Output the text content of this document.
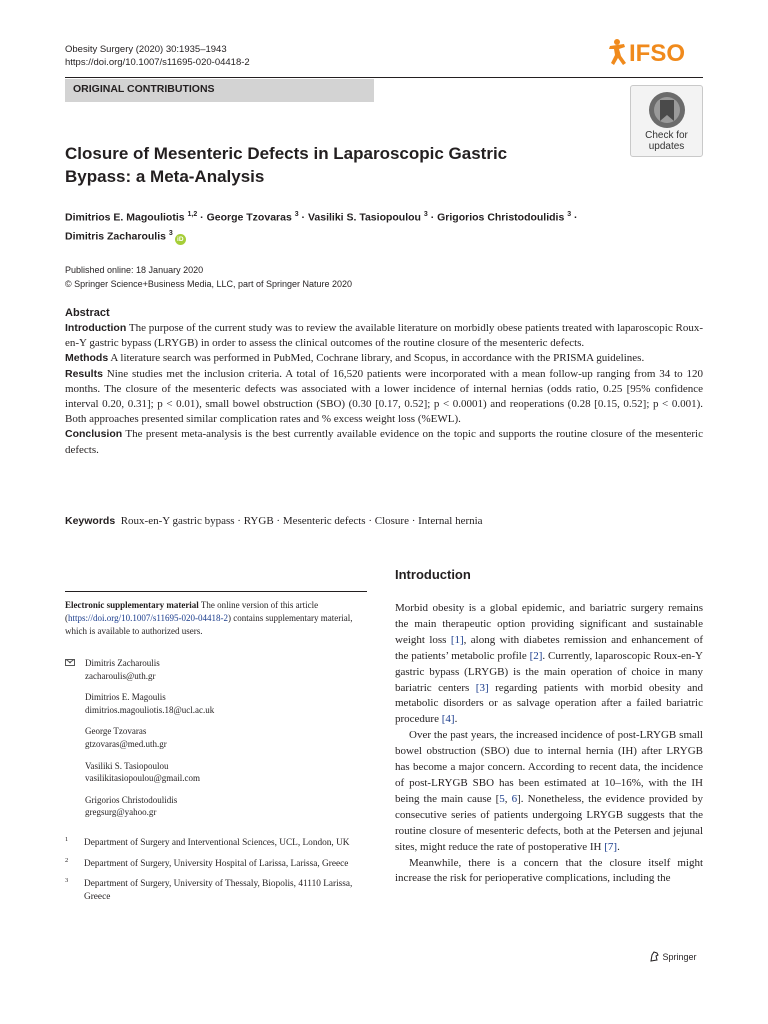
Obesity Surgery (2020) 30:1935–1943
https://doi.org/10.1007/s11695-020-04418-2	IFSO
ORIGINAL CONTRIBUTIONS
Check for updates
Closure of Mesenteric Defects in Laparoscopic Gastric Bypass: a Meta-Analysis
Dimitrios E. Magouliotis $^{1,2}$ · George Tzovaras $^3$ · Vasiliki S. Tasiopoulou $^3$ · Grigorios Christodoulidis $^3$ ·
Dimitris Zacharoulis $^3$iD
Published online: 18 January 2020
© Springer Science+Business Media, LLC, part of Springer Nature 2020
Abstract

Introduction The purpose of the current study was to review the available literature on morbidly obese patients treated with laparoscopic Roux-en-Y gastric bypass (LRYGB) in order to assess the clinical outcomes of the routine closure of the mesenteric defects.

Methods A literature search was performed in PubMed, Cochrane library, and Scopus, in accordance with the PRISMA guidelines.

Results Nine studies met the inclusion criteria. A total of 16,520 patients were incorporated with a mean follow-up ranging from 34 to 120 months. The closure of the mesenteric defects was associated with a lower incidence of internal hernias (odds ratio, 0.25 [95% confidence interval 0.20, 0.31]; p < 0.01), small bowel obstruction (SBO) (0.30 [0.17, 0.52]; p < 0.0001) and reoperations (0.28 [0.15, 0.52]; p < 0.001). Both approaches presented similar complication rates and % excess weight loss (%EWL).

Conclusion The present meta-analysis is the best currently available evidence on the topic and supports the routine closure of the mesenteric defects.

Keywords Roux-en-Y gastric bypass · RYGB · Mesenteric defects · Closure · Internal hernia
Electronic supplementary material The online version of this article (https://doi.org/10.1007/s11695-020-04418-2) contains supplementary material, which is available to authorized users.
Dimitris Zacharoulis
zacharoulis@uth.gr
Dimitrios E. Magoulis
dimitrios.magouliotis.18@ucl.ac.uk
George Tzovaras
gtzovaras@med.uth.gr
Vasiliki S. Tasiopoulou
vasilikitasiopoulou@gmail.com
Grigorios Christodoulidis
gregsurg@yahoo.gr
1 Department of Surgery and Interventional Sciences, UCL, London, UK
2 Department of Surgery, University Hospital of Larissa, Larissa, Greece
3 Department of Surgery, University of Thessaly, Biopolis, 41110 Larissa, Greece
Introduction

Morbid obesity is a global epidemic, and bariatric surgery remains the main therapeutic option providing significant and sustainable weight loss [1], along with diabetes remission and enhancement of the patients’ metabolic profile [2]. Currently, laparoscopic Roux-en-Y gastric bypass (LRYGB) is the main operation of choice in many bariatric centers [3] regarding patients with morbid obesity and metabolic disorders or as salvage operation after a failed bariatric procedure [4].

Over the past years, the increased incidence of post-LRYGB small bowel obstruction (SBO) due to internal hernia (IH) after LRYGB has become a major concern. According to recent data, the incidence of post-LRYGB SBO has been estimated at 10–16%, with the IH being the main cause [5, 6]. Nonetheless, the evidence provided by consecutive series of patients undergoing LRYGB suggests that the routine closure of mesenteric defects, both at the Petersen and jejunal sites, might reduce the rate of postoperative IH [7].

Meanwhile, there is a concern that the closure itself might increase the risk for perioperative complications, including the

Springer
